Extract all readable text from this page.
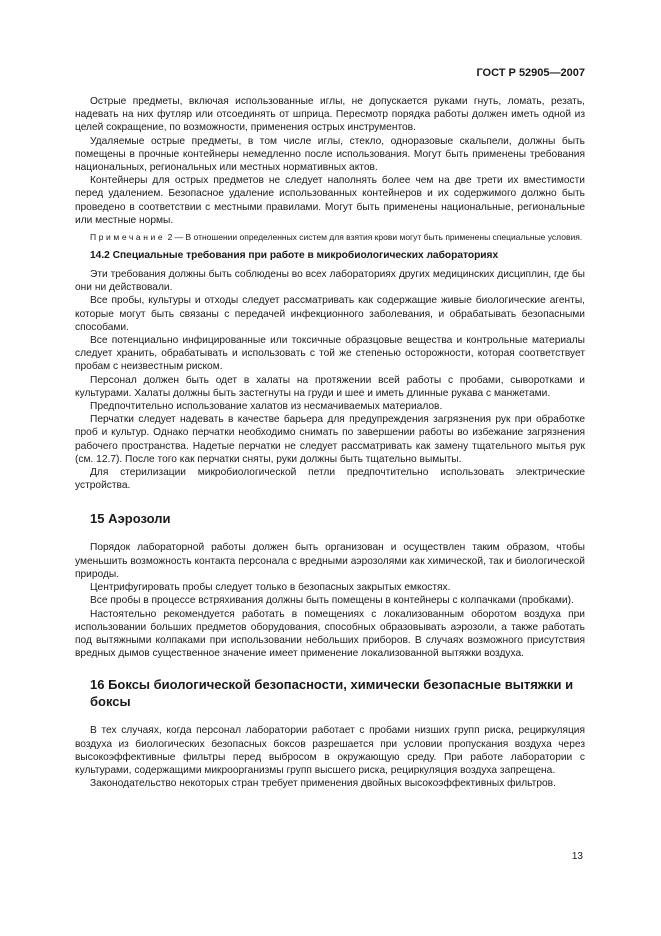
ГОСТ Р 52905—2007

Острые предметы, включая использованные иглы, не допускается руками гнуть, ломать, резать, надевать на них футляр или отсоединять от шприца. Пересмотр порядка работы должен иметь одной из целей сокращение, по возможности, применения острых инструментов.

Удаляемые острые предметы, в том числе иглы, стекло, одноразовые скальпели, должны быть помещены в прочные контейнеры немедленно после использования. Могут быть применены требования национальных, региональных или местных нормативных актов.

Контейнеры для острых предметов не следует наполнять более чем на две трети их вместимости перед удалением. Безопасное удаление использованных контейнеров и их содержимого должно быть проведено в соответствии с местными правилами. Могут быть применены национальные, региональные или местные нормы.

Примечание 2 — В отношении определенных систем для взятия крови могут быть применены специальные условия.
14.2 Специальные требования при работе в микробиологических лабораториях

Эти требования должны быть соблюдены во всех лабораториях других медицинских дисциплин, где бы они ни действовали.

Все пробы, культуры и отходы следует рассматривать как содержащие живые биологические агенты, которые могут быть связаны с передачей инфекционного заболевания, и обрабатывать безопасными способами.

Все потенциально инфицированные или токсичные образцовые вещества и контрольные материалы следует хранить, обрабатывать и использовать с той же степенью осторожности, которая соответствует пробам с неизвестным риском.

Персонал должен быть одет в халаты на протяжении всей работы с пробами, сыворотками и культурами. Халаты должны быть застегнуты на груди и шее и иметь длинные рукава с манжетами.

Предпочтительно использование халатов из несмачиваемых материалов.

Перчатки следует надевать в качестве барьера для предупреждения загрязнения рук при обработке проб и культур. Однако перчатки необходимо снимать по завершении работы во избежание загрязнения рабочего пространства. Надетые перчатки не следует рассматривать как замену тщательного мытья рук (см. 12.7). После того как перчатки сняты, руки должны быть тщательно вымыты.

Для стерилизации микробиологической петли предпочтительно использовать электрические устройства.

15 Аэрозоли

Порядок лабораторной работы должен быть организован и осуществлен таким образом, чтобы уменьшить возможность контакта персонала с вредными аэрозолями как химической, так и биологической природы.

Центрифугировать пробы следует только в безопасных закрытых емкостях.

Все пробы в процессе встряхивания должны быть помещены в контейнеры с колпачками (пробками).

Настоятельно рекомендуется работать в помещениях с локализованным оборотом воздуха при использовании больших предметов оборудования, способных образовывать аэрозоли, а также работать под вытяжными колпаками при использовании небольших приборов. В случаях возможного присутствия вредных дымов существенное значение имеет применение локализованной вытяжки воздуха.

16 Боксы биологической безопасности, химически безопасные вытяжки и боксы

В тех случаях, когда персонал лаборатории работает с пробами низших групп риска, рециркуляция воздуха из биологических безопасных боксов разрешается при условии пропускания воздуха через высокоэффективные фильтры перед выбросом в окружающую среду. При работе лаборатории с культурами, содержащими микроорганизмы групп высшего риска, рециркуляция воздуха запрещена.

Законодательство некоторых стран требует применения двойных высокоэффективных фильтров.

13
